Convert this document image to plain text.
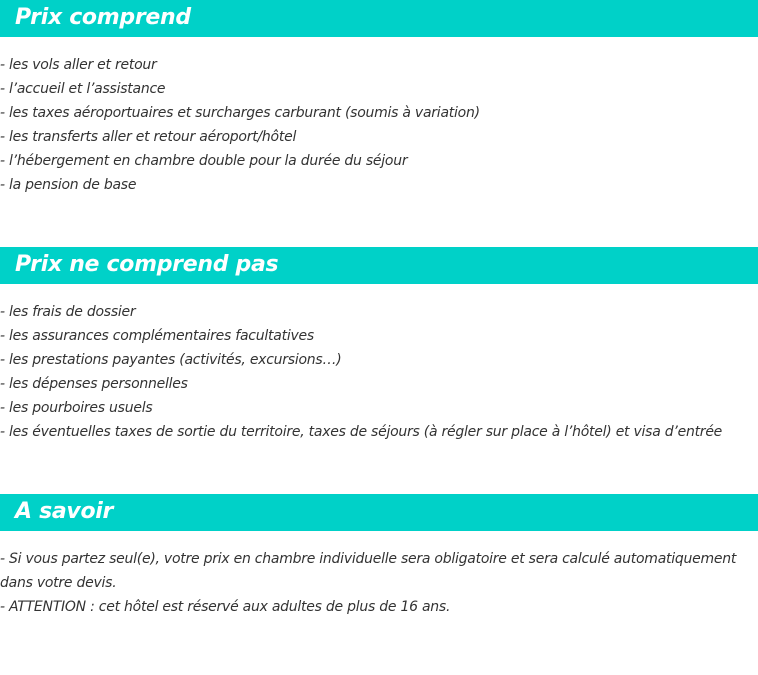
Prix comprend
- les vols aller et retour
- l’accueil et l’assistance
- les taxes aéroportuaires et surcharges carburant (soumis à variation)
- les transferts aller et retour aéroport/hôtel
- l’hébergement en chambre double pour la durée du séjour
- la pension de base
Prix ne comprend pas
- les frais de dossier
- les assurances complémentaires facultatives
- les prestations payantes (activités, excursions…)
- les dépenses personnelles
- les pourboires usuels
- les éventuelles taxes de sortie du territoire, taxes de séjours (à régler sur place à l’hôtel) et visa d’entrée
A savoir

- Si vous partez seul(e), votre prix en chambre individuelle sera obligatoire et sera calculé automatiquement dans votre devis.

- ATTENTION : cet hôtel est réservé aux adultes de plus de 16 ans.
